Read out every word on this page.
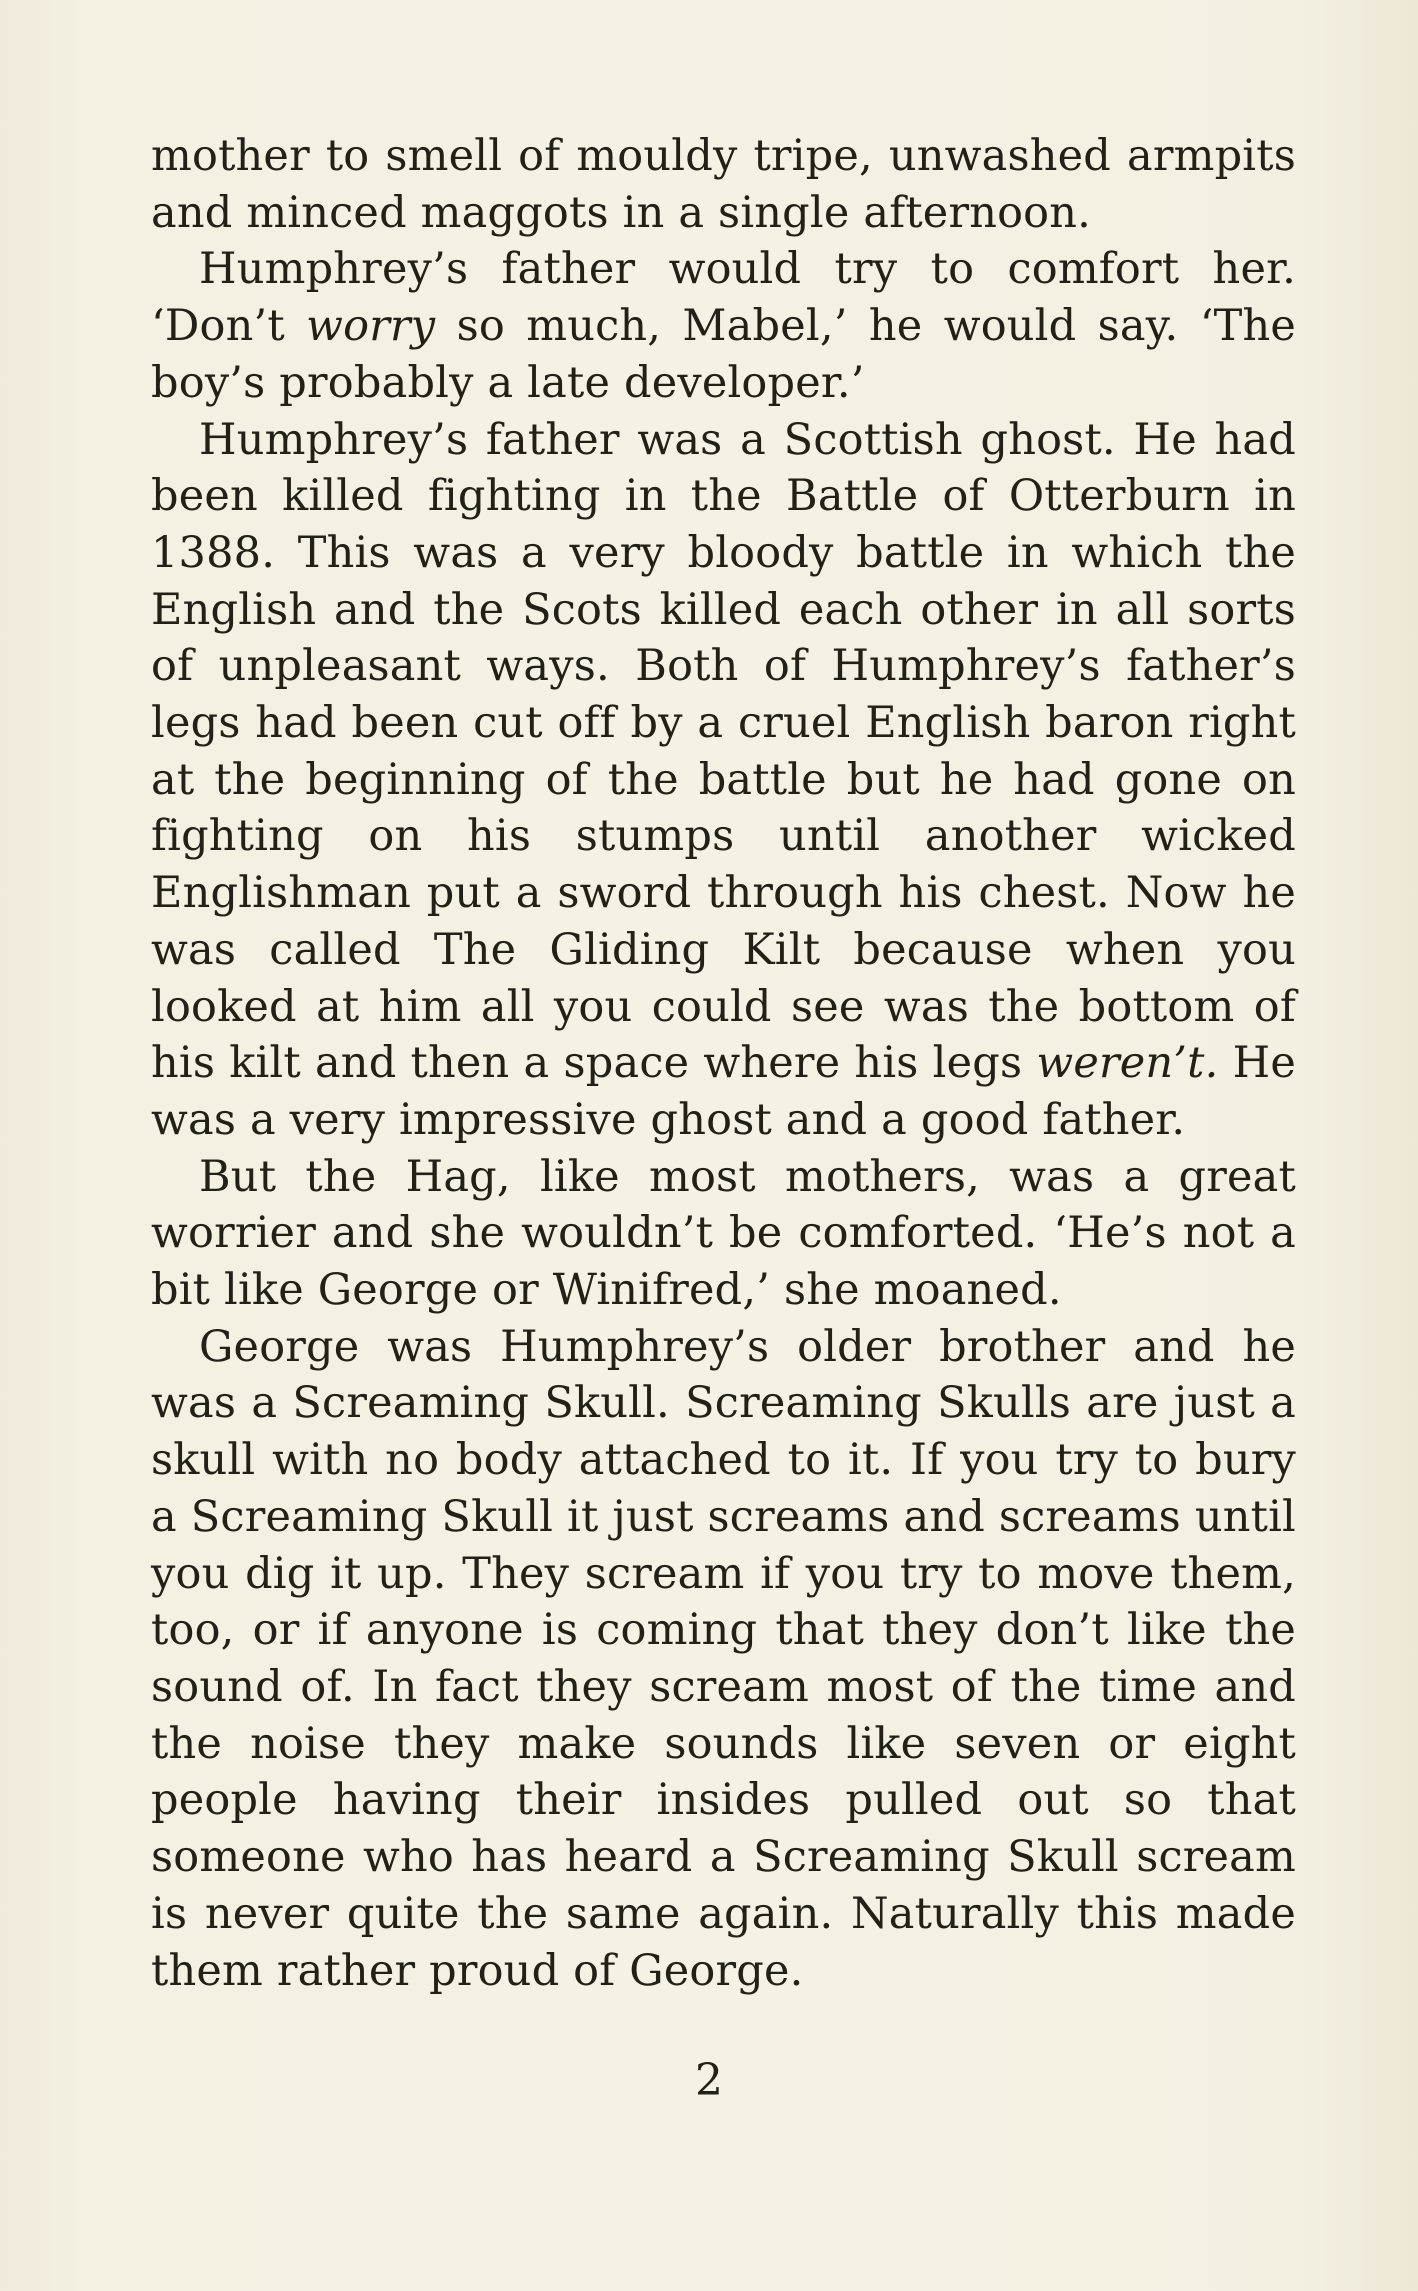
mother to smell of mouldy tripe, unwashed armpits and minced maggots in a single afternoon.

Humphrey’s father would try to comfort her. ‘Don’t worry so much, Mabel,’ he would say. ‘The boy’s probably a late developer.’

Humphrey’s father was a Scottish ghost. He had been killed fighting in the Battle of Otterburn in 1388. This was a very bloody battle in which the English and the Scots killed each other in all sorts of unpleasant ways. Both of Humphrey’s father’s legs had been cut off by a cruel English baron right at the beginning of the battle but he had gone on fighting on his stumps until another wicked Englishman put a sword through his chest. Now he was called The Gliding Kilt because when you looked at him all you could see was the bottom of his kilt and then a space where his legs weren’t. He was a very impressive ghost and a good father.

But the Hag, like most mothers, was a great worrier and she wouldn’t be comforted. ‘He’s not a bit like George or Winifred,’ she moaned.

George was Humphrey’s older brother and he was a Screaming Skull. Screaming Skulls are just a skull with no body attached to it. If you try to bury a Screaming Skull it just screams and screams until you dig it up. They scream if you try to move them, too, or if anyone is coming that they don’t like the sound of. In fact they scream most of the time and the noise they make sounds like seven or eight people having their insides pulled out so that someone who has heard a Screaming Skull scream is never quite the same again. Naturally this made them rather proud of George.

2
